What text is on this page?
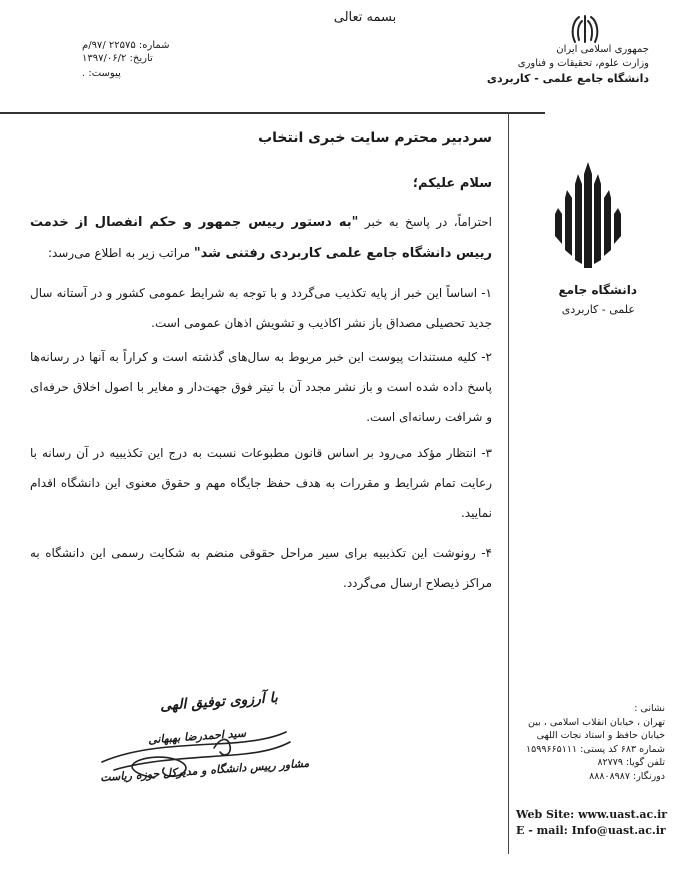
بسمه تعالی
جمهوری اسلامی ایران
وزارت علوم، تحقیقات و فناوری
دانشگاه جامع علمی - کاربردی
شماره: ۲۲۵۷۵ /۹۷/م
تاریخ: ۱۳۹۷/۰۶/۲
پیوست: .
دانشگاه جامع
علمی - کاربردی
سردبیر محترم سایت خبری انتخاب
سلام علیکم؛
احتراماً، در پاسخ به خبر "به دستور رییس جمهور و حکم انفصال از خدمت رییس دانشگاه جامع علمی کاربردی رفتنی شد" مراتب زیر به اطلاع می‌رسد:
۱- اساساً این خبر از پایه تکذیب می‌گردد و با توجه به شرایط عمومی کشور و در آستانه سال جدید تحصیلی مصداق باز نشر اکاذیب و تشویش اذهان عمومی است.
۲- کلیه مستندات پیوست این خبر مربوط به سال‌های گذشته است و کراراً به آنها در رسانه‌ها پاسخ داده شده است و باز نشر مجدد آن با تیتر فوق جهت‌دار و مغایر با اصول اخلاق حرفه‌ای و شرافت رسانه‌ای است.
۳- انتظار مؤکد می‌رود بر اساس قانون مطبوعات نسبت به درج این تکذیبیه در آن رسانه با رعایت تمام شرایط و مقررات به هدف حفظ جایگاه مهم و حقوق معنوی این دانشگاه اقدام نمایید.
۴- رونوشت این تکذیبیه برای سیر مراحل حقوقی منضم به شکایت رسمی این دانشگاه به مراکز ذیصلاح ارسال می‌گردد.
با آرزوی توفیق الهی
سید احمدرضا بهبهانی
مشاور رییس دانشگاه و مدیرکل حوزه ریاست
نشانی :
تهران ، خیابان انقلاب اسلامی ، بین
خیابان حافظ و استاد نجات اللهی
شماره ۶۸۳ کد پستی: ۱۵۹۹۶۶۵۱۱۱
تلفن گویا: ۸۲۷۷۹
دورنگار: ۸۸۸۰۸۹۸۷
Web Site: www.uast.ac.ir
E - mail: Info@uast.ac.ir
